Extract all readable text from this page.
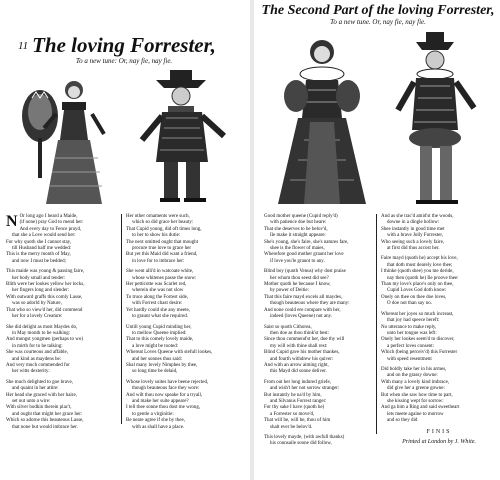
11 The loving Forrester,
To a new tune: Or, nay fie, nay fie.
N Or long ago I heard a Maide,
(if none) pray God to mend her:
And every day to Fence prayd,
that she a Love would send her:
For why quoth she I cannot stay,
till Husband half me wedded:
This is the merry month of May,
and now I must be bedded;
This maide was young & passing faire,
her body small and tender:
Blith were her lookes yellow her locks,
her fingers long and slender:
With outward graffs this comly Lasse,
was so adorld by Nature,
That who so view'd her, did commend
her for a lovely Creature:
She did delight as most Maydes do,
in May month to be walking:
And mongst yongmen (perhaps to wo)
in mirth for to be talking:
She was courteous and affable,
and kind as maydens be:
And very much commended for
her witts dexterity:
She much delighted to goe brave,
and quaint in her attire:
Her head she graced with her haire,
set out unto a wire:
With silver bodkin therein plac't,
and ought that might her grace her:
Which so adorne this beauteous Lasse,
that none but would imbrace her.
Her other ornaments were such,
which so did grace her beauty:
That Cupid young, did oft times long,
to her to show his dutie:
The next omitted ought that mought
procure true love to grace her
But yet this Maid did want a friend,
in love for to imbrace her:
She went alli'd in watcoate white,
whose whitenes passe the snow:
Her petticotte was Scarlet red,
wherein she was not slow
To truce along the Forrest side,
with Forrest chast desire:
Yet hardly could she any meete,
to graunt what she required.
Untill young Cupid minding her,
to mellow Queene implied:
That to this comely lovely maide,
a love might be tooted:
Whereat Loves Queene with stefull lookes,
and her sonnes thus said:
Shal many lovely Nimphes by thee,
so long time be delaid,
Whose lovely suites have beene rejected,
though beauteous face they wore:
And wilt thou now speake for a tryall,
and make her suite appeare?
I tell thee sonne thou dost me wrong,
to gentle a virginitie:
Be neare agree if she by thee,
with as shall have a place.
The Second Part of the loving Forrester,
To a new tune. Or, nay fie, nay fie.
Good mother queene (Cupid reply'd)
with patience doe but heare:
That she deserves to be belov'd,
Ile make it straight appeare:
She's young, she's faire, she's natures fare,
shee is the flower of maies,
Wherefore good mother graunt her love
if love you'le graunt to any.
Blind boy (quoth Venus) why dost praise
her whom thou seest did see?
Mother quoth he because I know,
by power of Deitie:
That this faire mayd excels all maydes,
though beauteous where they are many:
And none could ere compare with her,
indeed (loves Queene) not any.
Saist so quoth Cithorea,
then doe as thou think'st best:
Since thou commend'st her, doe thy will
my will with thine shall rest:
Blind Cupid gave his mother thankes,
and fourth withdrew his quiver:
And with an arrow aiming right,
this Mayd did sonne deliver.
From out her long indured griefe,
and wish't her not sorrow stranger:
But instantly he na'd by him,
and Silvanus Forrest ranger:
For thy sake I have (quoth he)
a Forrester so move'd,
That will be, will be, thou of him
shalt ever be belov'd.
This lovely mayde, (with awfull thanks)
his counsaile soone did follow,
And as she trac'd amid'st the woods,
downe in a dingle hollow:
Shee instantly in good time met
with a brave Jolly Forrester,
Who seeing such a lovely faire,
at first did thus accost her.
Faire mayd (quoth he) accept his love,
that doth most dearely love thee;
I thinke (quoth shee) you me deride,
nay then (quoth he) Ile proove thee:
Than my love's place's only on thee,
Cupid Loves God doth know:
Onely on thee on thee doe loves,
O doe not than say no.
Whereat her joyes so much increast,
that joy had speece bereft:
No utterance to make reply,
unto her tongue was left:
Onely her lookes seem'd to discover,
a perfect loves consent:
Which (being perceiv'd) this Forrester
with speed resentment
Did boldly take her in his armes,
and on the grassy downe:
With many a lovely kind imbrace,
did give her a greene gowne:
But when she saw how time to part,
she kissing wept for sorrow:
And ga him a Ring and said sweetheart
lets meete againe to morrow
and so they did
FINIS
Printed at London by J. White.
